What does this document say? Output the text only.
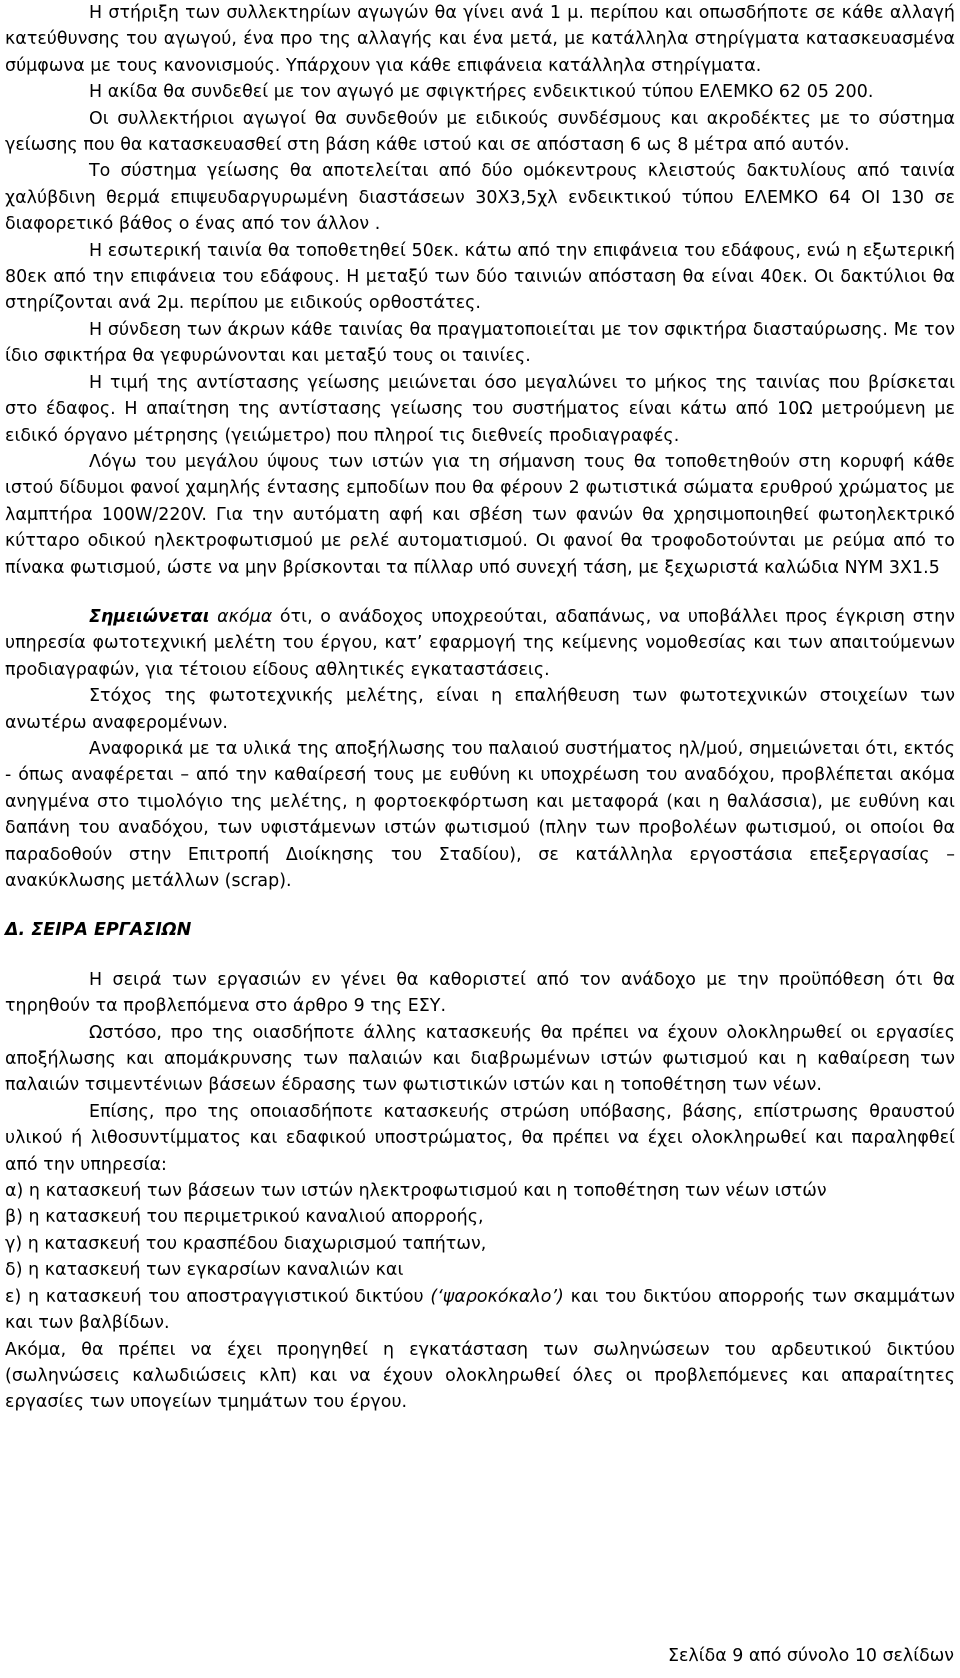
Η στήριξη των συλλεκτηρίων αγωγών θα γίνει ανά 1 μ. περίπου και οπωσδήποτε σε κάθε αλλαγή κατεύθυνσης του αγωγού, ένα προ της αλλαγής και ένα μετά, με κατάλληλα στηρίγματα κατασκευασμένα σύμφωνα με τους κανονισμούς. Υπάρχουν για κάθε επιφάνεια κατάλληλα στηρίγματα.

Η ακίδα θα συνδεθεί με τον αγωγό με σφιγκτήρες ενδεικτικού τύπου ΕΛΕΜΚΟ 62 05 200.

Οι συλλεκτήριοι αγωγοί θα συνδεθούν με ειδικούς συνδέσμους και ακροδέκτες με το σύστημα γείωσης που θα κατασκευασθεί στη βάση κάθε ιστού και σε απόσταση 6 ως 8 μέτρα από αυτόν.

Το σύστημα γείωσης θα αποτελείται από δύο ομόκεντρους κλειστούς δακτυλίους από ταινία χαλύβδινη θερμά επιψευδαργυρωμένη διαστάσεων 30Χ3,5χλ ενδεικτικού τύπου ΕΛΕΜΚΟ 64 ΟΙ 130 σε διαφορετικό βάθος ο ένας από τον άλλον .

Η εσωτερική ταινία θα τοποθετηθεί 50εκ. κάτω από την επιφάνεια του εδάφους, ενώ η εξωτερική 80εκ από την επιφάνεια του εδάφους. Η μεταξύ των δύο ταινιών απόσταση θα είναι 40εκ. Οι δακτύλιοι θα στηρίζονται ανά 2μ. περίπου με ειδικούς ορθοστάτες.

Η σύνδεση των άκρων κάθε ταινίας θα πραγματοποιείται με τον σφικτήρα διασταύρωσης. Με τον ίδιο σφικτήρα θα γεφυρώνονται και μεταξύ τους οι ταινίες.

Η τιμή της αντίστασης γείωσης μειώνεται όσο μεγαλώνει το μήκος της ταινίας που βρίσκεται στο έδαφος. Η απαίτηση της αντίστασης γείωσης του συστήματος είναι κάτω από 10Ω μετρούμενη με ειδικό όργανο μέτρησης (γειώμετρο) που πληροί τις διεθνείς προδιαγραφές.

Λόγω του μεγάλου ύψους των ιστών για τη σήμανση τους θα τοποθετηθούν στη κορυφή κάθε ιστού δίδυμοι φανοί χαμηλής έντασης εμποδίων που θα φέρουν 2 φωτιστικά σώματα ερυθρού χρώματος με λαμπτήρα 100W/220V. Για την αυτόματη αφή και σβέση των φανών θα χρησιμοποιηθεί φωτοηλεκτρικό κύτταρο οδικού ηλεκτροφωτισμού με ρελέ αυτοματισμού. Οι φανοί θα τροφοδοτούνται με ρεύμα από το πίνακα φωτισμού, ώστε να μην βρίσκονται τα πίλλαρ υπό συνεχή τάση, με ξεχωριστά καλώδια ΝΥΜ 3Χ1.5

Σημειώνεται ακόμα ότι, ο ανάδοχος υποχρεούται, αδαπάνως, να υποβάλλει προς έγκριση στην υπηρεσία φωτοτεχνική μελέτη του έργου, κατ’ εφαρμογή της κείμενης νομοθεσίας και των απαιτούμενων προδιαγραφών, για τέτοιου είδους αθλητικές εγκαταστάσεις.

Στόχος της φωτοτεχνικής μελέτης, είναι η επαλήθευση των φωτοτεχνικών στοιχείων των ανωτέρω αναφερομένων.

Αναφορικά με τα υλικά της αποξήλωσης του παλαιού συστήματος ηλ/μού, σημειώνεται ότι, εκτός - όπως αναφέρεται – από την καθαίρεσή τους με ευθύνη κι υποχρέωση του αναδόχου, προβλέπεται ακόμα ανηγμένα στο τιμολόγιο της μελέτης, η φορτοεκφόρτωση και μεταφορά (και η θαλάσσια), με ευθύνη και δαπάνη του αναδόχου, των υφιστάμενων ιστών φωτισμού (πλην των προβολέων φωτισμού, οι οποίοι θα παραδοθούν στην Επιτροπή Διοίκησης του Σταδίου), σε κατάλληλα εργοστάσια επεξεργασίας – ανακύκλωσης μετάλλων (scrap).

Δ. ΣΕΙΡΑ ΕΡΓΑΣΙΩΝ

Η σειρά των εργασιών εν γένει θα καθοριστεί από τον ανάδοχο με την προϋπόθεση ότι θα τηρηθούν τα προβλεπόμενα στο άρθρο 9 της ΕΣΥ.

Ωστόσο, προ της οιασδήποτε άλλης κατασκευής θα πρέπει να έχουν ολοκληρωθεί οι εργασίες αποξήλωσης και απομάκρυνσης των παλαιών και διαβρωμένων ιστών φωτισμού και η καθαίρεση των παλαιών τσιμεντένιων βάσεων έδρασης των φωτιστικών ιστών και η τοποθέτηση των νέων.

Επίσης, προ της οποιασδήποτε κατασκευής στρώση υπόβασης, βάσης, επίστρωσης θραυστού υλικού ή λιθοσυντίμματος και εδαφικού υποστρώματος, θα πρέπει να έχει ολοκληρωθεί και παραληφθεί από την υπηρεσία:

α) η κατασκευή των βάσεων των ιστών ηλεκτροφωτισμού και η τοποθέτηση των νέων ιστών

β) η κατασκευή του περιμετρικού καναλιού απορροής,

γ) η κατασκευή του κρασπέδου διαχωρισμού ταπήτων,

δ) η κατασκευή των εγκαρσίων καναλιών και

ε) η κατασκευή του αποστραγγιστικού δικτύου (‘ψαροκόκαλο’) και του δικτύου απορροής των σκαμμάτων και των βαλβίδων.

Ακόμα, θα πρέπει να έχει προηγηθεί η εγκατάσταση των σωληνώσεων του αρδευτικού δικτύου (σωληνώσεις καλωδιώσεις κλπ) και να έχουν ολοκληρωθεί όλες οι προβλεπόμενες και απαραίτητες εργασίες των υπογείων τμημάτων του έργου.

Σελίδα 9 από σύνολο 10 σελίδων
